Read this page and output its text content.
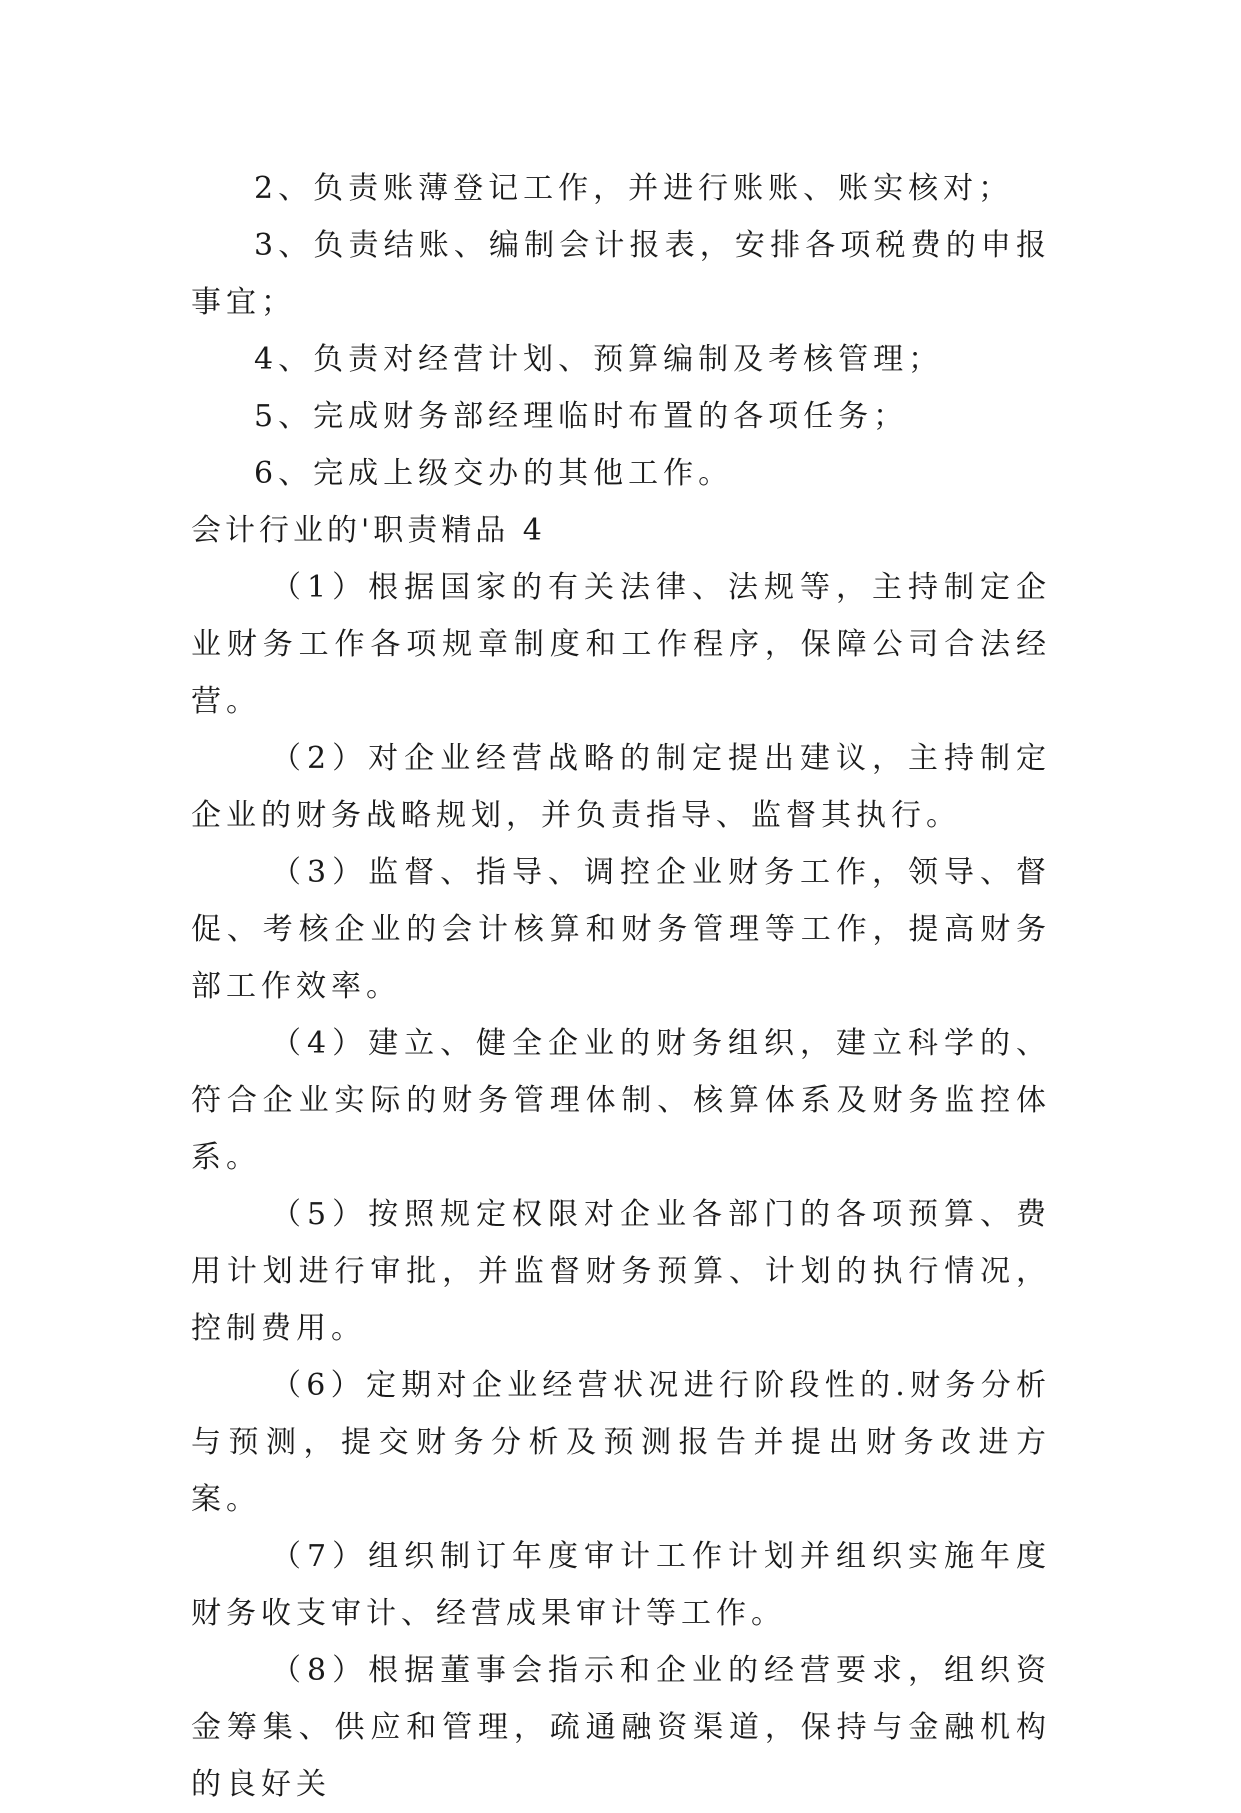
2、负责账薄登记工作，并进行账账、账实核对；

3、负责结账、编制会计报表，安排各项税费的申报事宜；

4、负责对经营计划、预算编制及考核管理；

5、完成财务部经理临时布置的各项任务；

6、完成上级交办的其他工作。

会计行业的'职责精品 4

（1）根据国家的有关法律、法规等，主持制定企业财务工作各项规章制度和工作程序，保障公司合法经营。

（2）对企业经营战略的制定提出建议，主持制定企业的财务战略规划，并负责指导、监督其执行。

（3）监督、指导、调控企业财务工作，领导、督促、考核企业的会计核算和财务管理等工作，提高财务部工作效率。

（4）建立、健全企业的财务组织，建立科学的、符合企业实际的财务管理体制、核算体系及财务监控体系。

（5）按照规定权限对企业各部门的各项预算、费用计划进行审批，并监督财务预算、计划的执行情况，控制费用。

（6）定期对企业经营状况进行阶段性的.财务分析与预测，提交财务分析及预测报告并提出财务改进方案。

（7）组织制订年度审计工作计划并组织实施年度财务收支审计、经营成果审计等工作。

（8）根据董事会指示和企业的经营要求，组织资金筹集、供应和管理，疏通融资渠道，保持与金融机构的良好关
